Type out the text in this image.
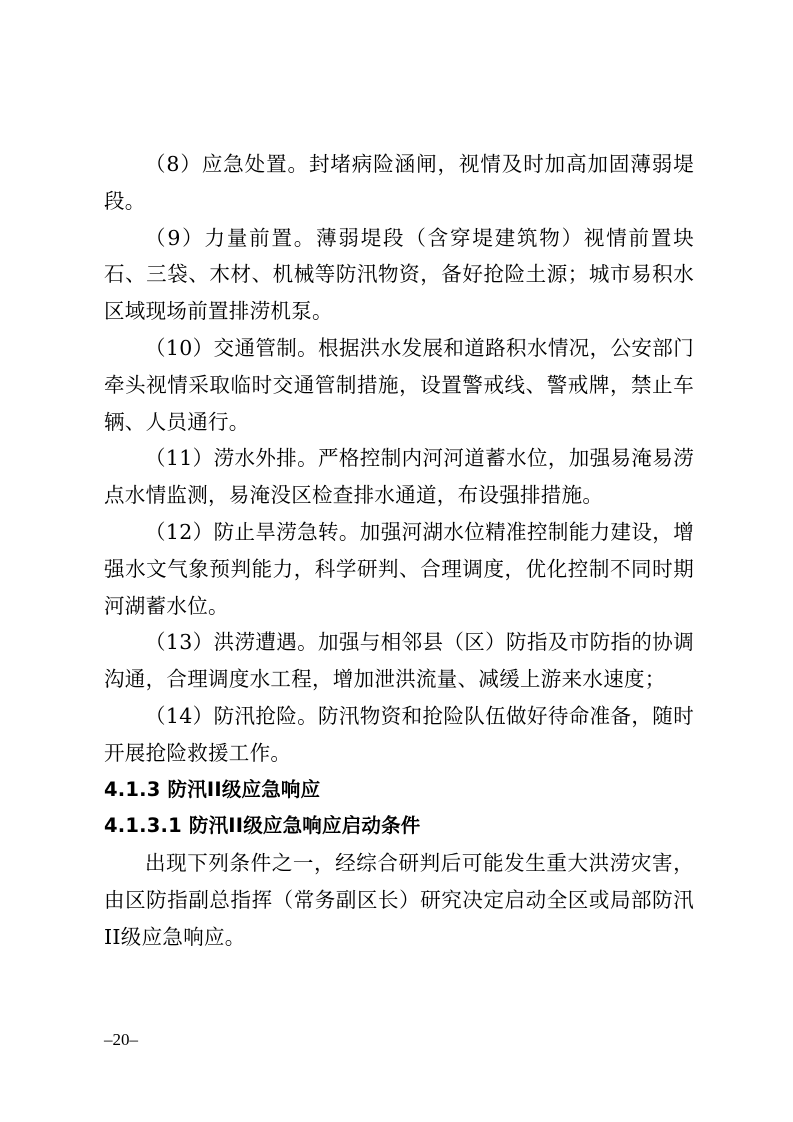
（8）应急处置。封堵病险涵闸，视情及时加高加固薄弱堤段。

（9）力量前置。薄弱堤段（含穿堤建筑物）视情前置块石、三袋、木材、机械等防汛物资，备好抢险土源；城市易积水区域现场前置排涝机泵。

（10）交通管制。根据洪水发展和道路积水情况，公安部门牵头视情采取临时交通管制措施，设置警戒线、警戒牌，禁止车辆、人员通行。

（11）涝水外排。严格控制内河河道蓄水位，加强易淹易涝点水情监测，易淹没区检查排水通道，布设强排措施。

（12）防止旱涝急转。加强河湖水位精准控制能力建设，增强水文气象预判能力，科学研判、合理调度，优化控制不同时期河湖蓄水位。

（13）洪涝遭遇。加强与相邻县（区）防指及市防指的协调沟通，合理调度水工程，增加泄洪流量、减缓上游来水速度；

（14）防汛抢险。防汛物资和抢险队伍做好待命准备，随时开展抢险救援工作。

4.1.3 防汛II级应急响应
4.1.3.1 防汛II级应急响应启动条件

出现下列条件之一，经综合研判后可能发生重大洪涝灾害，由区防指副总指挥（常务副区长）研究决定启动全区或局部防汛II级应急响应。

–20–
